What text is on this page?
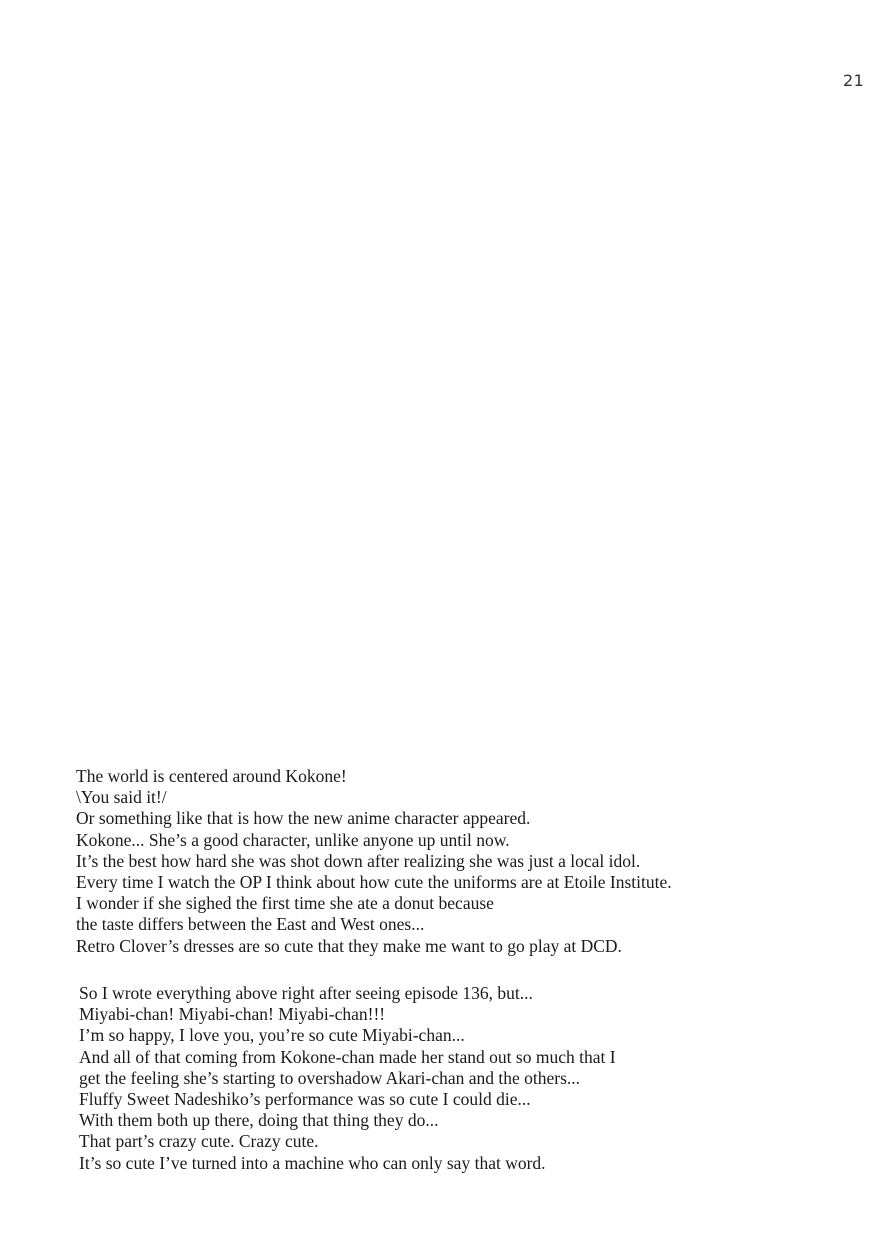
21
The world is centered around Kokone!
\You said it!/
Or something like that is how the new anime character appeared.
Kokone... She’s a good character, unlike anyone up until now.
It’s the best how hard she was shot down after realizing she was just a local idol.
Every time I watch the OP I think about how cute the uniforms are at Etoile Institute.
I wonder if she sighed the first time she ate a donut because
the taste differs between the East and West ones...
Retro Clover’s dresses are so cute that they make me want to go play at DCD.
So I wrote everything above right after seeing episode 136, but...
Miyabi-chan! Miyabi-chan! Miyabi-chan!!!
I’m so happy, I love you, you’re so cute Miyabi-chan...
And all of that coming from Kokone-chan made her stand out so much that I
get the feeling she’s starting to overshadow Akari-chan and the others...
Fluffy Sweet Nadeshiko’s performance was so cute I could die...
With them both up there, doing that thing they do...
That part’s crazy cute. Crazy cute.
It’s so cute I’ve turned into a machine who can only say that word.
